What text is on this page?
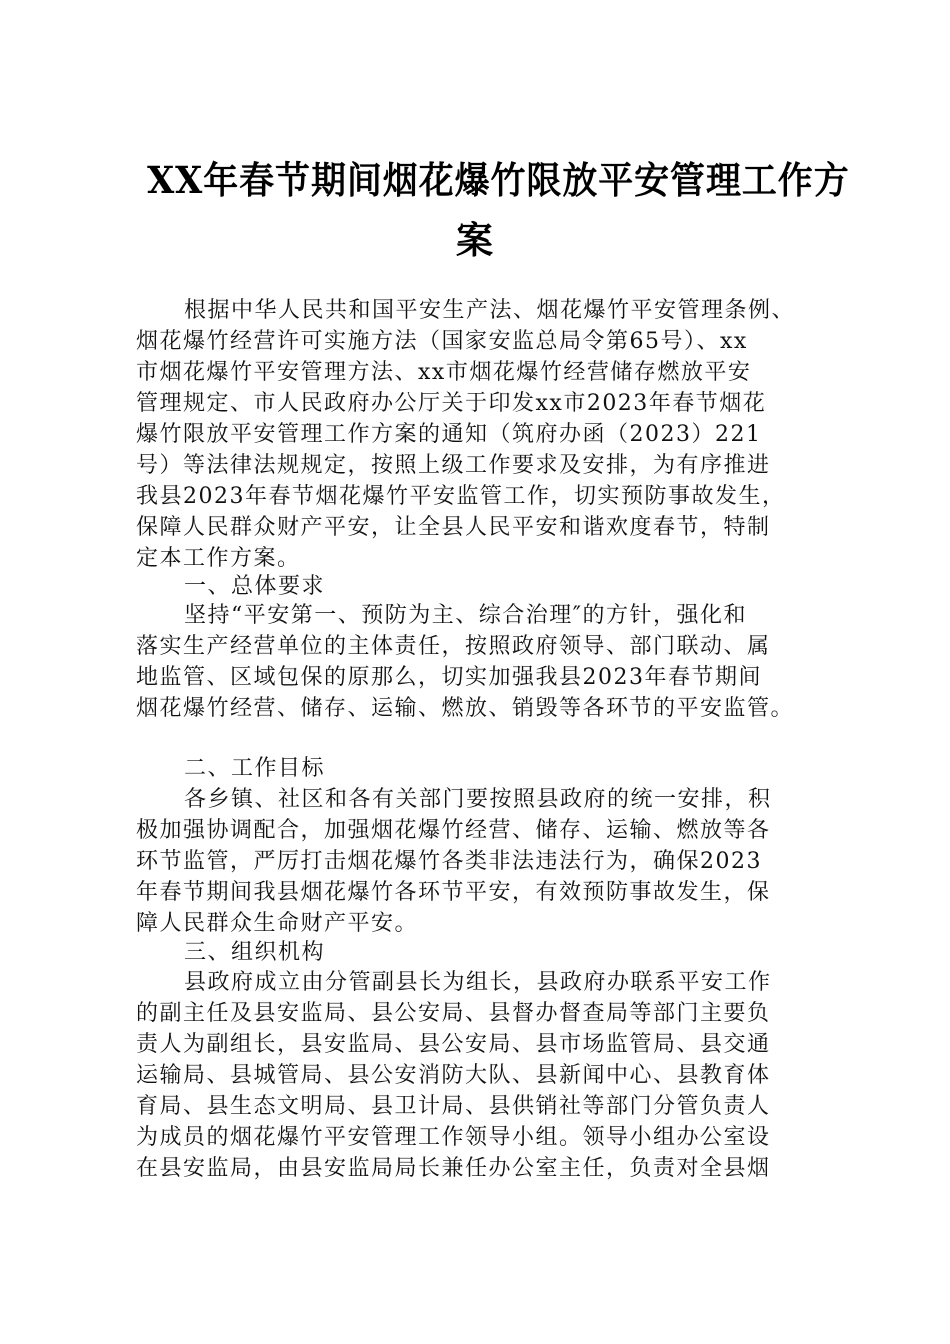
XX年春节期间烟花爆竹限放平安管理工作方
案
根据中华人民共和国平安生产法、烟花爆竹平安管理条例、
烟花爆竹经营许可实施方法（国家安监总局令第65号）、xx
市烟花爆竹平安管理方法、xx市烟花爆竹经营储存燃放平安
管理规定、市人民政府办公厅关于印发xx市2023年春节烟花
爆竹限放平安管理工作方案的通知（筑府办函（2023）221
号）等法律法规规定，按照上级工作要求及安排，为有序推进
我县2023年春节烟花爆竹平安监管工作，切实预防事故发生，
保障人民群众财产平安，让全县人民平安和谐欢度春节，特制
定本工作方案。
一、总体要求
坚持“平安第一、预防为主、综合治理″的方针，强化和
落实生产经营单位的主体责任，按照政府领导、部门联动、属
地监管、区域包保的原那么，切实加强我县2023年春节期间
烟花爆竹经营、储存、运输、燃放、销毁等各环节的平安监管。
二、工作目标
各乡镇、社区和各有关部门要按照县政府的统一安排，积
极加强协调配合，加强烟花爆竹经营、储存、运输、燃放等各
环节监管，严厉打击烟花爆竹各类非法违法行为，确保2023
年春节期间我县烟花爆竹各环节平安，有效预防事故发生，保
障人民群众生命财产平安。
三、组织机构
县政府成立由分管副县长为组长，县政府办联系平安工作
的副主任及县安监局、县公安局、县督办督查局等部门主要负
责人为副组长，县安监局、县公安局、县市场监管局、县交通
运输局、县城管局、县公安消防大队、县新闻中心、县教育体
育局、县生态文明局、县卫计局、县供销社等部门分管负责人
为成员的烟花爆竹平安管理工作领导小组。领导小组办公室设
在县安监局，由县安监局局长兼任办公室主任，负责对全县烟
